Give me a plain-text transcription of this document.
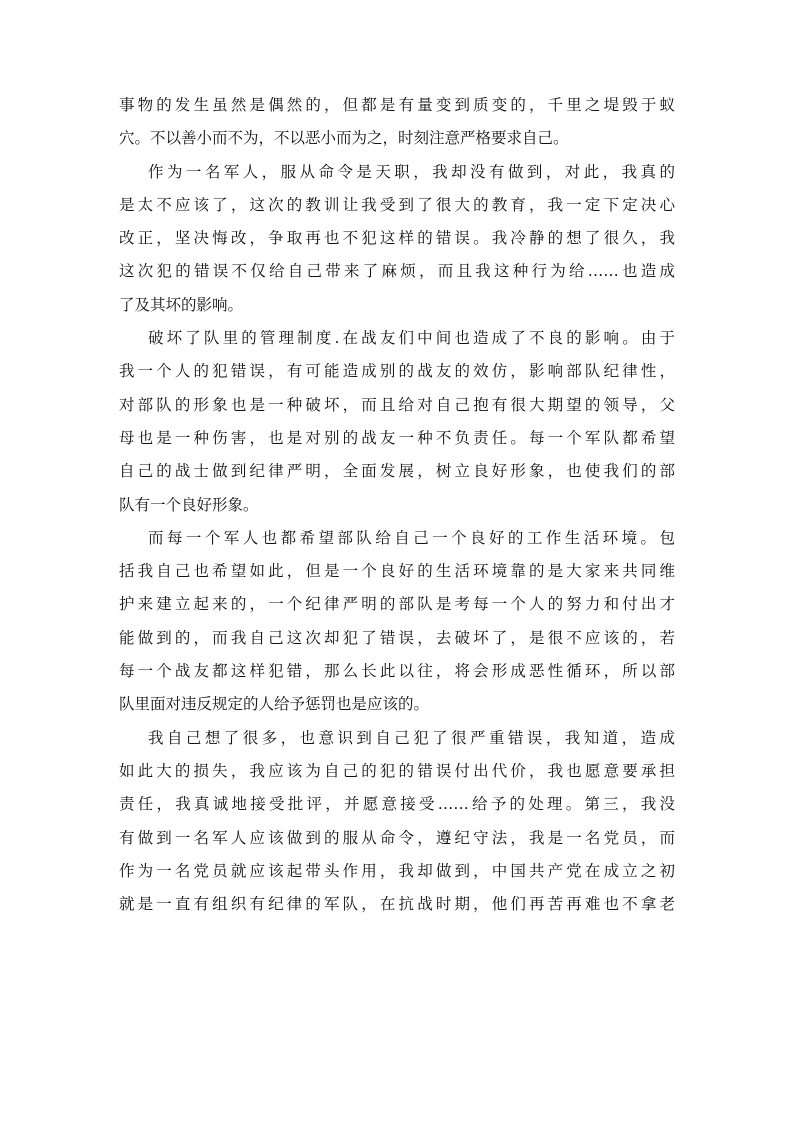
事物的发生虽然是偶然的，但都是有量变到质变的，千里之堤毁于蚁
穴。不以善小而不为，不以恶小而为之，时刻注意严格要求自己。
作为一名军人，服从命令是天职，我却没有做到，对此，我真的
是太不应该了，这次的教训让我受到了很大的教育，我一定下定决心
改正，坚决悔改，争取再也不犯这样的错误。我冷静的想了很久，我
这次犯的错误不仅给自己带来了麻烦，而且我这种行为给……也造成
了及其坏的影响。
破坏了队里的管理制度.在战友们中间也造成了不良的影响。由于
我一个人的犯错误，有可能造成别的战友的效仿，影响部队纪律性，
对部队的形象也是一种破坏，而且给对自己抱有很大期望的领导，父
母也是一种伤害，也是对别的战友一种不负责任。每一个军队都希望
自己的战士做到纪律严明，全面发展，树立良好形象，也使我们的部
队有一个良好形象。
而每一个军人也都希望部队给自己一个良好的工作生活环境。包
括我自己也希望如此，但是一个良好的生活环境靠的是大家来共同维
护来建立起来的，一个纪律严明的部队是考每一个人的努力和付出才
能做到的，而我自己这次却犯了错误，去破坏了，是很不应该的，若
每一个战友都这样犯错，那么长此以往，将会形成恶性循环，所以部
队里面对违反规定的人给予惩罚也是应该的。
我自己想了很多，也意识到自己犯了很严重错误，我知道，造成
如此大的损失，我应该为自己的犯的错误付出代价，我也愿意要承担
责任，我真诚地接受批评，并愿意接受……给予的处理。第三，我没
有做到一名军人应该做到的服从命令，遵纪守法，我是一名党员，而
作为一名党员就应该起带头作用，我却做到，中国共产党在成立之初
就是一直有组织有纪律的军队，在抗战时期，他们再苦再难也不拿老
